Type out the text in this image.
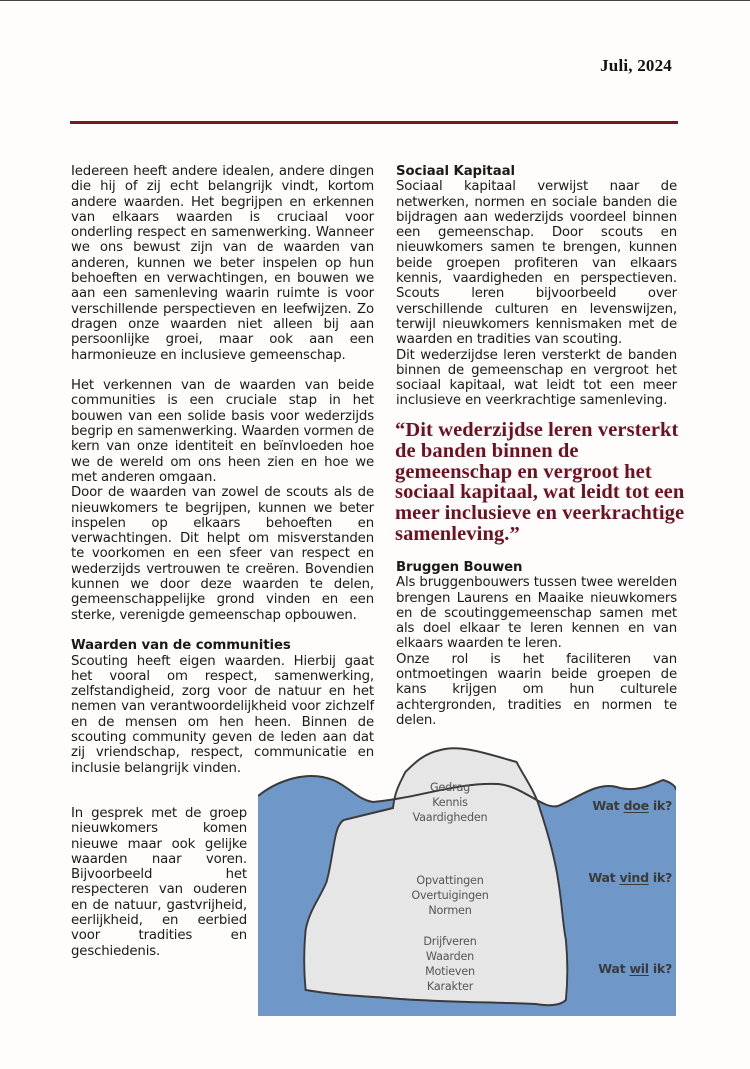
Juli, 2024

Iedereen heeft andere idealen, andere dingen die hij of zij echt belangrijk vindt, kortom andere waarden. Het begrijpen en erkennen van elkaars waarden is cruciaal voor onderling respect en samenwerking. Wanneer we ons bewust zijn van de waarden van anderen, kunnen we beter inspelen op hun behoeften en verwachtingen, en bouwen we aan een samenleving waarin ruimte is voor verschillende perspectieven en leefwijzen. Zo dragen onze waarden niet alleen bij aan persoonlijke groei, maar ook aan een harmonieuze en inclusieve gemeenschap.

Het verkennen van de waarden van beide communities is een cruciale stap in het bouwen van een solide basis voor wederzijds begrip en samenwerking. Waarden vormen de kern van onze identiteit en beïnvloeden hoe we de wereld om ons heen zien en hoe we met anderen omgaan.

Door de waarden van zowel de scouts als de nieuwkomers te begrijpen, kunnen we beter inspelen op elkaars behoeften en verwachtingen. Dit helpt om misverstanden te voorkomen en een sfeer van respect en wederzijds vertrouwen te creëren. Bovendien kunnen we door deze waarden te delen, gemeenschappelijke grond vinden en een sterke, verenigde gemeenschap opbouwen.

Waarden van de communities

Scouting heeft eigen waarden. Hierbij gaat het vooral om respect, samenwerking, zelfstandigheid, zorg voor de natuur en het nemen van verantwoordelijkheid voor zichzelf en de mensen om hen heen. Binnen de scouting community geven de leden aan dat zij vriendschap, respect, communicatie en inclusie belangrijk vinden.

In gesprek met de groep nieuwkomers komen nieuwe maar ook gelijke waarden naar voren. Bijvoorbeeld het respecteren van ouderen en de natuur, gastvrijheid, eerlijkheid, en eerbied voor tradities en geschiedenis.

Sociaal Kapitaal

Sociaal kapitaal verwijst naar de netwerken, normen en sociale banden die bijdragen aan wederzijds voordeel binnen een gemeenschap. Door scouts en nieuwkomers samen te brengen, kunnen beide groepen profiteren van elkaars kennis, vaardigheden en perspectieven. Scouts leren bijvoorbeeld over verschillende culturen en levenswijzen, terwijl nieuwkomers kennismaken met de waarden en tradities van scouting.

Dit wederzijdse leren versterkt de banden binnen de gemeenschap en vergroot het sociaal kapitaal, wat leidt tot een meer inclusieve en veerkrachtige samenleving.

“Dit wederzijdse leren versterkt de banden binnen de gemeenschap en vergroot het sociaal kapitaal, wat leidt tot een meer inclusieve en veerkrachtige samenleving.”
Bruggen Bouwen

Als bruggenbouwers tussen twee werelden brengen Laurens en Maaike nieuwkomers en de scoutinggemeenschap samen met als doel elkaar te leren kennen en van elkaars waarden te leren.

Onze rol is het faciliteren van ontmoetingen waarin beide groepen de kans krijgen om hun culturele achtergronden, tradities en normen te delen.

Gedrag
Kennis
Vaardigheden
Opvattingen
Overtuigingen
Normen
Drijfveren
Waarden
Motieven
Karakter
Wat doe ik?
Wat vind ik?
Wat wil ik?
